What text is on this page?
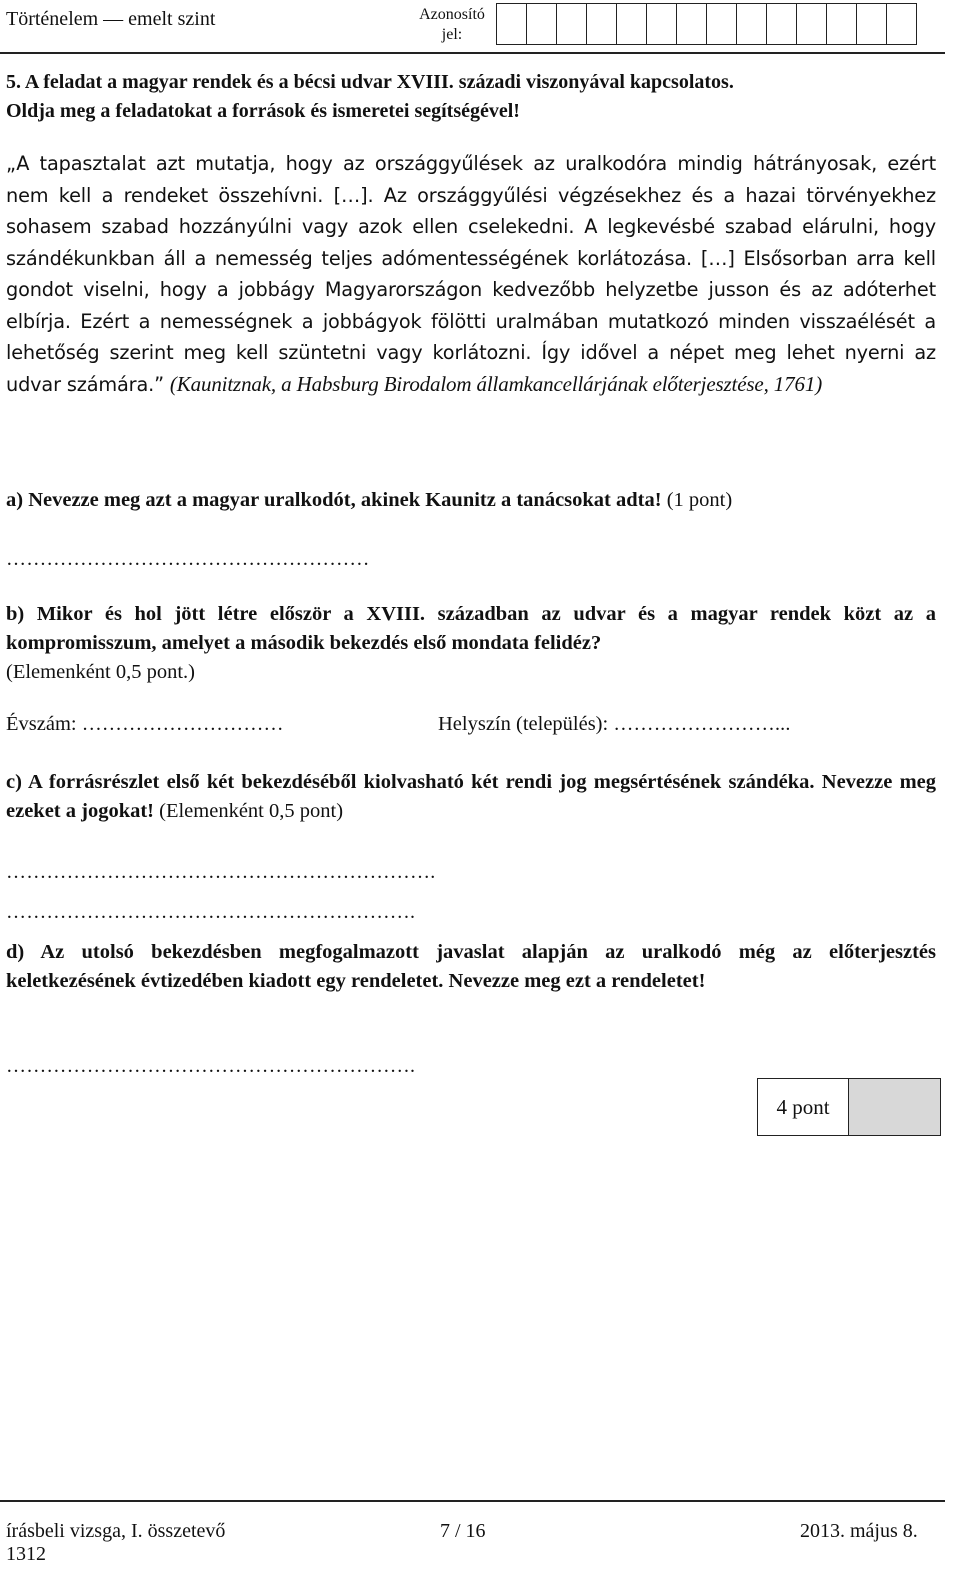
Történelem — emelt szint	Azonosító jel:
5. A feladat a magyar rendek és a bécsi udvar XVIII. századi viszonyával kapcsolatos.
Oldja meg a feladatokat a források és ismeretei segítségével!
„A tapasztalat azt mutatja, hogy az országgyűlések az uralkodóra mindig hátrányosak, ezért nem kell a rendeket összehívni. […]. Az országgyűlési végzésekhez és a hazai törvényekhez sohasem szabad hozzányúlni vagy azok ellen cselekedni. A legkevésbé szabad elárulni, hogy szándékunkban áll a nemesség teljes adómentességének korlátozása. […] Elsősorban arra kell gondot viselni, hogy a jobbágy Magyarországon kedvezőbb helyzetbe jusson és az adóterhet elbírja. Ezért a nemességnek a jobbágyok fölötti uralmában mutatkozó minden visszaélését a lehetőség szerint meg kell szüntetni vagy korlátozni. Így idővel a népet meg lehet nyerni az udvar számára.” (Kaunitznak, a Habsburg Birodalom államkancellárjának előterjesztése, 1761)
a) Nevezze meg azt a magyar uralkodót, akinek Kaunitz a tanácsokat adta! (1 pont)
………………………………………………
b) Mikor és hol jött létre először a XVIII. században az udvar és a magyar rendek közt az a kompromisszum, amelyet a második bekezdés első mondata felidéz?
(Elemenként 0,5 pont.)
Évszám: …………………………	Helyszín (település): ……………………...
c) A forrásrészlet első két bekezdéséből kiolvasható két rendi jog megsértésének szándéka. Nevezze meg ezeket a jogokat! (Elemenként 0,5 pont)
……………………………………………………….
…………………………………………………….
d) Az utolsó bekezdésben megfogalmazott javaslat alapján az uralkodó még az előterjesztés keletkezésének évtizedében kiadott egy rendeletet. Nevezze meg ezt a rendeletet!
…………………………………………………….
4 pont
írásbeli vizsga, I. összetevő
1312
7 / 16	2013. május 8.
